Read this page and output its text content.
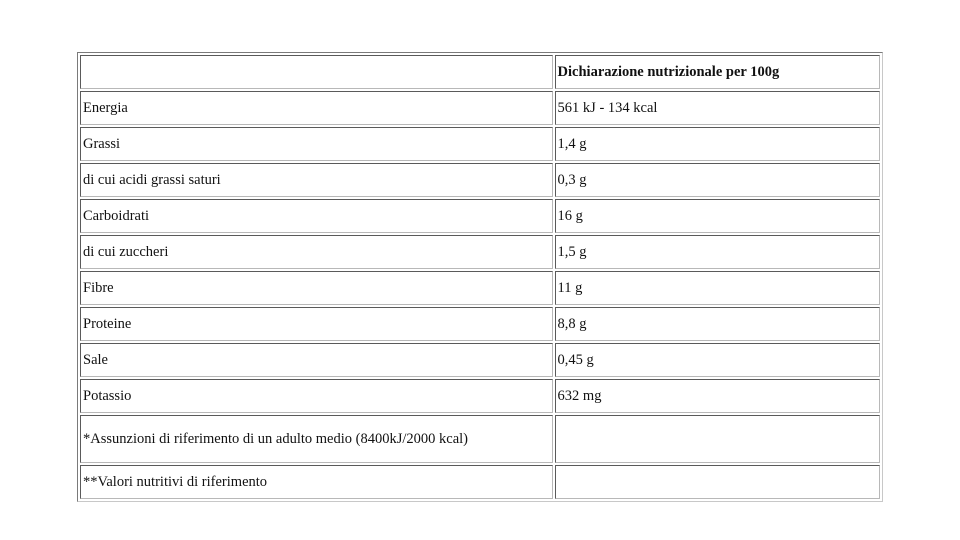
	Dichiarazione nutrizionale per 100g
Energia	561 kJ - 134 kcal
Grassi	1,4 g
di cui acidi grassi saturi	0,3 g
Carboidrati	16 g
di cui zuccheri	1,5 g
Fibre	11 g
Proteine	8,8 g
Sale	0,45 g
Potassio	632 mg
*Assunzioni di riferimento di un adulto medio (8400kJ/2000 kcal)	
**Valori nutritivi di riferimento	
